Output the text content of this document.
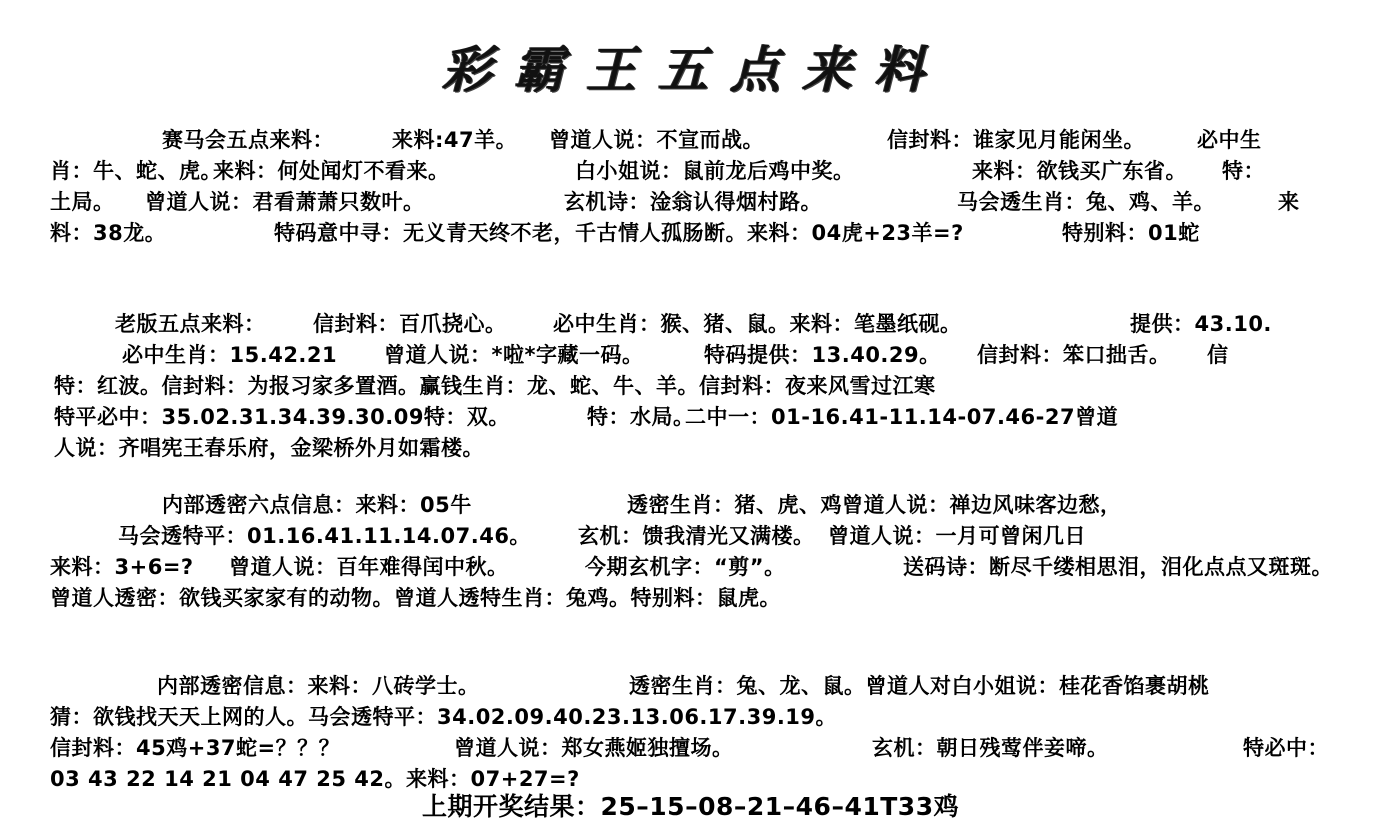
彩霸王五点来料
赛马会五点来料：	来料:47羊。 曾道人说：不宣而战。	信封料：谁家见月能闲坐。 必中生
肖：牛、蛇、虎。
来料：何处闻灯不看来。	白小姐说：鼠前龙后鸡中奖。	来料：欲钱买广东省。 特：
土局。 曾道人说：君看萧萧只数叶。	玄机诗：淦翁认得烟村路。	马会透生肖：兔、鸡、羊。	来
料：38龙。	特码意中寻：无义青天终不老，千古情人孤肠断。来料：04虎+23羊=?	特别料：01蛇
老版五点来料： 信封料：百爪挠心。 必中生肖：猴、猪、鼠。来料：笔墨纸砚。	提供：43.10.
必中生肖：15.42.21 曾道人说：*啦*字藏一码。	特码提供：13.40.29。 信封料：笨口拙舌。 信
特：红波。信封料：为报习家多置酒。赢钱生肖：龙、蛇、牛、羊。信封料：夜来风雪过江寒
特平必中：35.02.31.34.39.30.09特：双。	特：水局。
二中一：01-16.41-11.14-07.46-27曾道
人说：齐唱宪王春乐府，金梁桥外月如霜楼。
内部透密六点信息：来料：05牛	透密生肖：猪、虎、鸡曾道人说：禅边风味客边愁，
马会透特平：01.16.41.11.14.07.46。 玄机：馈我清光又满楼。 曾道人说：一月可曾闲几日
来料：3+6=? 曾道人说：百年难得闰中秋。	今期玄机字：“剪”。	送码诗：断尽千缕相思泪，泪化点点又斑斑。
曾道人透密：欲钱买家家有的动物。曾道人透特生肖：兔鸡。特别料：鼠虎。
内部透密信息：来料：八砖学士。	透密生肖：兔、龙、鼠。曾道人对白小姐说：桂花香馅裹胡桃
猜：欲钱找天天上网的人。马会透特平：34.02.09.40.23.13.06.17.39.19。
信封料：45鸡+37蛇=？？？	曾道人说：郑女燕姬独擅场。	玄机：朝日残莺伴妾啼。	特必中：
03 43 22 14 21 04 47 25 42。来料：07+27=?
上期开奖结果：25–15–08–21–46–41T33鸡
